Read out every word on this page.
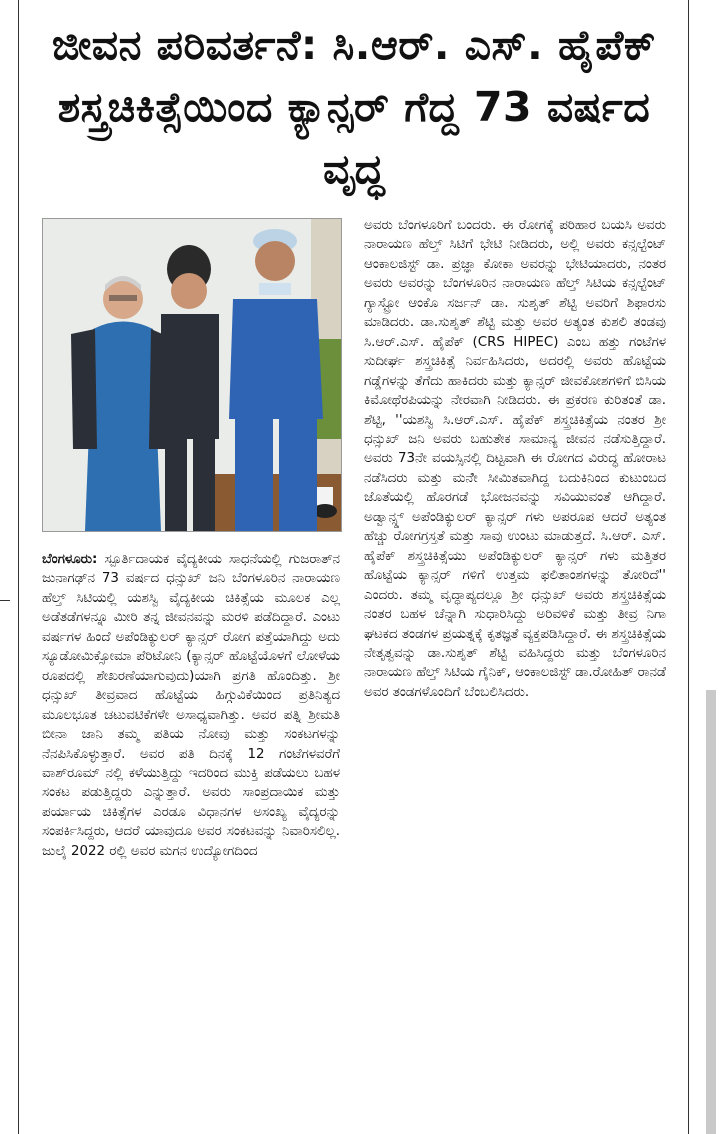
ಜೀವನ ಪರಿವರ್ತನೆ: ಸಿ.ಆರ್. ಎಸ್. ಹೈಪೆಕ್ ಶಸ್ತ್ರಚಿಕಿತ್ಸೆಯಿಂದ ಕ್ಯಾನ್ಸರ್ ಗೆದ್ದ 73 ವರ್ಷದ ವೃದ್ಧ

ಬೆಂಗಳೂರು: ಸ್ಪೂರ್ತಿದಾಯಕ ವೈದ್ಯಕೀಯ ಸಾಧನೆಯಲ್ಲಿ ಗುಜರಾತ್‌ನ ಜುನಾಗಢ್‌ನ 73 ವರ್ಷದ ಧನ್ಸುಖ್ ಜನಿ ಬೆಂಗಳೂರಿನ ನಾರಾಯಣ ಹೆಲ್ತ್ ಸಿಟಿಯಲ್ಲಿ ಯಶಸ್ವಿ ವೈದ್ಯಕೀಯ ಚಿಕಿತ್ಸೆಯ ಮೂಲಕ ಎಲ್ಲ ಅಡೆತಡೆಗಳನ್ನೂ ಮೀರಿ ತನ್ನ ಜೀವನವನ್ನು ಮರಳಿ ಪಡೆದಿದ್ದಾರೆ. ಎಂಟು ವರ್ಷಗಳ ಹಿಂದೆ ಅಪೆಂಡಿಕ್ಯುಲರ್ ಕ್ಯಾನ್ಸರ್ ರೋಗ ಪತ್ತೆಯಾಗಿದ್ದು ಅದು ಸ್ಯೂಡೋಮಿಕ್ಸೋಮಾ ಪೆರಿಟೋನಿ (ಕ್ಯಾನ್ಸರ್ ಹೊಟ್ಟೆಯೊಳಗೆ ಲೋಳೆಯ ರೂಪದಲ್ಲಿ ಶೇಖರಣೆಯಾಗುವುದು)ಯಾಗಿ ಪ್ರಗತಿ ಹೊಂದಿತ್ತು. ಶ್ರೀ ಧನ್ಸುಖ್ ತೀವ್ರವಾದ ಹೊಟ್ಟೆಯ ಹಿಗ್ಗುವಿಕೆಯಿಂದ ಪ್ರತಿನಿತ್ಯದ ಮೂಲಭೂತ ಚಟುವಟಿಕೆಗಳೇ ಅಸಾಧ್ಯವಾಗಿತ್ತು. ಅವರ ಪತ್ನಿ ಶ್ರೀಮತಿ ಬೀನಾ ಜಾನಿ ತಮ್ಮ ಪತಿಯ ನೋವು ಮತ್ತು ಸಂಕಟಗಳನ್ನು ನೆನಪಿಸಿಕೊಳ್ಳುತ್ತಾರೆ. ಅವರ ಪತಿ ದಿನಕ್ಕೆ 12 ಗಂಟೆಗಳವರೆಗೆ ವಾಶ್‌ರೂಮ್ ನಲ್ಲಿ ಕಳೆಯುತ್ತಿದ್ದು ಇದರಿಂದ ಮುಕ್ತಿ ಪಡೆಯಲು ಬಹಳ ಸಂಕಟ ಪಡುತ್ತಿದ್ದರು ಎನ್ನುತ್ತಾರೆ. ಅವರು ಸಾಂಪ್ರದಾಯಿಕ ಮತ್ತು ಪರ್ಯಾಯ ಚಿಕಿತ್ಸೆಗಳ ಎರಡೂ ವಿಧಾನಗಳ ಅಸಂಖ್ಯ ವೈದ್ಯರನ್ನು ಸಂಪರ್ಕಿಸಿದ್ದರು, ಆದರೆ ಯಾವುದೂ ಅವರ ಸಂಕಟವನ್ನು ನಿವಾರಿಸಲಿಲ್ಲ. ಜುಲೈ 2022 ರಲ್ಲಿ ಅವರ ಮಗನ ಉದ್ಯೋಗದಿಂದ

ಅವರು ಬೆಂಗಳೂರಿಗೆ ಬಂದರು. ಈ ರೋಗಕ್ಕೆ ಪರಿಹಾರ ಬಯಸಿ ಅವರು ನಾರಾಯಣ ಹೆಲ್ತ್ ಸಿಟಿಗೆ ಭೇಟಿ ನೀಡಿದರು, ಅಲ್ಲಿ ಅವರು ಕನ್ಸಲ್ಟೆಂಟ್ ಆಂಕಾಲಜಿಸ್ಟ್ ಡಾ. ಪ್ರಜ್ಞಾ ಕೋಕಾ ಅವರನ್ನು ಭೇಟಿಯಾದರು, ನಂತರ ಅವರು ಅವರನ್ನು ಬೆಂಗಳೂರಿನ ನಾರಾಯಣ ಹೆಲ್ತ್ ಸಿಟಿಯ ಕನ್ಸಲ್ಟೆಂಟ್ ಗ್ಯಾಸ್ಟ್ರೋ ಆಂಕೊ ಸರ್ಜನ್ ಡಾ. ಸುಶೃತ್ ಶೆಟ್ಟಿ ಅವರಿಗೆ ಶಿಫಾರಸು ಮಾಡಿದರು. ಡಾ.ಸುಶೃತ್ ಶೆಟ್ಟಿ ಮತ್ತು ಅವರ ಅತ್ಯಂತ ಕುಶಲಿ ತಂಡವು ಸಿ.ಆರ್.ಎಸ್. ಹೈಪೆಕ್ (CRS HIPEC) ಎಂಬ ಹತ್ತು ಗಂಟೆಗಳ ಸುದೀರ್ಘ ಶಸ್ತ್ರಚಿಕಿತ್ಸೆ ನಿರ್ವಹಿಸಿದರು, ಅದರಲ್ಲಿ ಅವರು ಹೊಟ್ಟೆಯ ಗಡ್ಡೆಗಳನ್ನು ತೆಗೆದು ಹಾಕಿದರು ಮತ್ತು ಕ್ಯಾನ್ಸರ್ ಜೀವಕೋಶಗಳಿಗೆ ಬಿಸಿಯ ಕಿಮೋಥೆರಪಿಯನ್ನು ನೇರವಾಗಿ ನೀಡಿದರು. ಈ ಪ್ರಕರಣ ಕುರಿತಂತೆ ಡಾ. ಶೆಟ್ಟಿ, ''ಯಶಸ್ವಿ ಸಿ.ಆರ್.ಎಸ್. ಹೈಪೆಕ್ ಶಸ್ತ್ರಚಿಕಿತ್ಸೆಯ ನಂತರ ಶ್ರೀ ಧನ್ಸುಖ್ ಜನಿ ಅವರು ಬಹುತೇಕ ಸಾಮಾನ್ಯ ಜೀವನ ನಡೆಸುತ್ತಿದ್ದಾರೆ. ಅವರು 73ನೇ ವಯಸ್ಸಿನಲ್ಲಿ ದಿಟ್ಟವಾಗಿ ಈ ರೋಗದ ವಿರುದ್ಧ ಹೋರಾಟ ನಡೆಸಿದರು ಮತ್ತು ಮನೆೇ ಸೀಮಿತವಾಗಿದ್ದ ಬದುಕಿನಿಂದ ಕುಟುಂಬದ ಜೊತೆಯಲ್ಲಿ ಹೊರಗಡೆ ಭೋಜನವನ್ನು ಸವಿಯುವಂತೆ ಆಗಿದ್ದಾರೆ. ಅಡ್ವಾನ್ಸ್ಡ್ ಅಪೆಂಡಿಕ್ಯುಲರ್ ಕ್ಯಾನ್ಸರ್ ಗಳು ಅಪರೂಪ ಆದರೆ ಅತ್ಯಂತ ಹೆಚ್ಚು ರೋಗಗ್ರಸ್ತತೆ ಮತ್ತು ಸಾವು ಉಂಟು ಮಾಡುತ್ತದೆ. ಸಿ.ಆರ್. ಎಸ್. ಹೈಪೆಕ್ ಶಸ್ತ್ರಚಿಕಿತ್ಸೆಯು ಅಪೆಂಡಿಕ್ಯುಲರ್ ಕ್ಯಾನ್ಸರ್ ಗಳು ಮತ್ತಿತರ ಹೊಟ್ಟೆಯ ಕ್ಯಾನ್ಸರ್ ಗಳಿಗೆ ಉತ್ತಮ ಫಲಿತಾಂಶಗಳನ್ನು ತೋರಿದೆ'' ಎಂದರು. ತಮ್ಮ ವೃದ್ಧಾಪ್ಯದಲ್ಲೂ ಶ್ರೀ ಧನ್ಸುಖ್ ಅವರು ಶಸ್ತ್ರಚಿಕಿತ್ಸೆಯ ನಂತರ ಬಹಳ ಚೆನ್ನಾಗಿ ಸುಧಾರಿಸಿದ್ದು ಅರಿವಳಿಕೆ ಮತ್ತು ತೀವ್ರ ನಿಗಾ ಘಟಕದ ತಂಡಗಳ ಪ್ರಯತ್ನಕ್ಕೆ ಕೃತಜ್ಞತೆ ವ್ಯಕ್ತಪಡಿಸಿದ್ದಾರೆ. ಈ ಶಸ್ತ್ರಚಿಕಿತ್ಸೆಯ ನೇತೃತ್ವವನ್ನು ಡಾ.ಸುಶೃತ್ ಶೆಟ್ಟಿ ವಹಿಸಿದ್ದರು ಮತ್ತು ಬೆಂಗಳೂರಿನ ನಾರಾಯಣ ಹೆಲ್ತ್ ಸಿಟಿಯ ಗೈನಿಕ್, ಆಂಕಾಲಜಿಸ್ಟ್ ಡಾ.ರೋಹಿತ್ ರಾನಡೆ ಅವರ ತಂಡಗಳೊಂದಿಗೆ ಬೆಂಬಲಿಸಿದರು.
